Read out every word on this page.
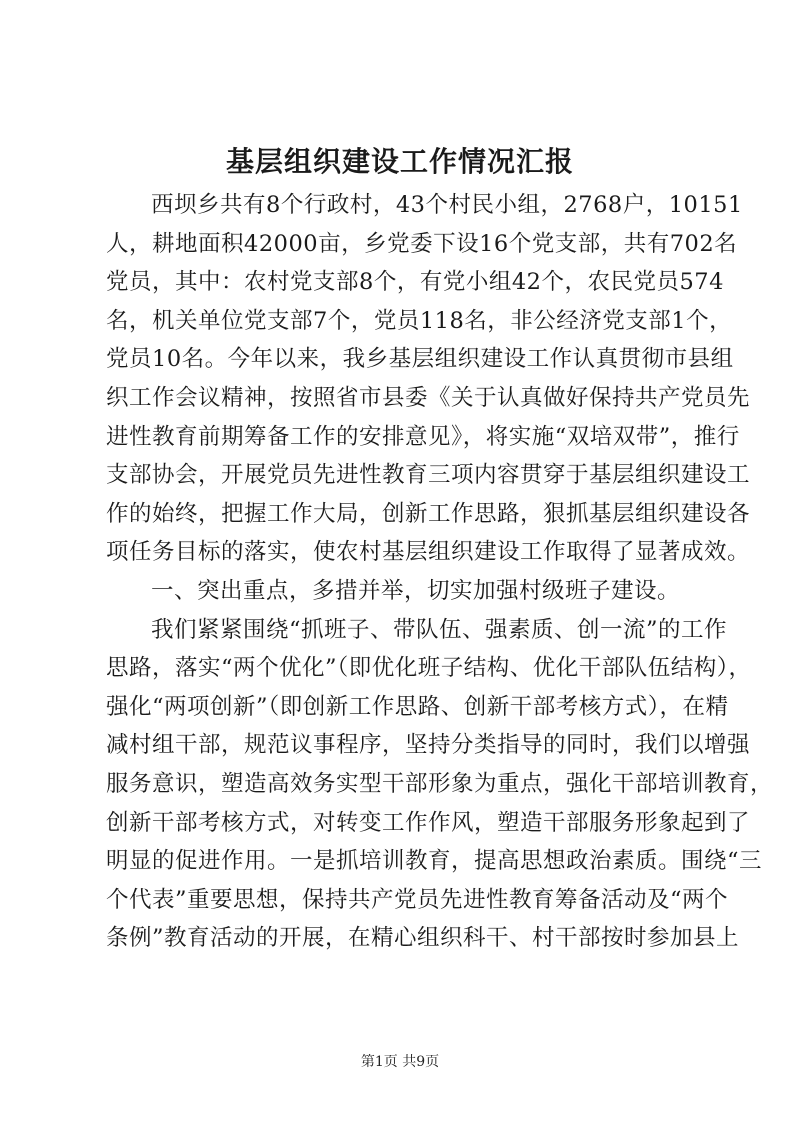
基层组织建设工作情况汇报
西坝乡共有8个行政村，43个村民小组，2768户，10151
人，耕地面积42000亩，乡党委下设16个党支部，共有702名
党员，其中：农村党支部8个，有党小组42个，农民党员574
名，机关单位党支部7个，党员118名，非公经济党支部1个，
党员10名。今年以来，我乡基层组织建设工作认真贯彻市县组
织工作会议精神，按照省市县委《关于认真做好保持共产党员先
进性教育前期筹备工作的安排意见》，将实施“双培双带”，推行
支部协会，开展党员先进性教育三项内容贯穿于基层组织建设工
作的始终，把握工作大局，创新工作思路，狠抓基层组织建设各
项任务目标的落实，使农村基层组织建设工作取得了显著成效。
一、突出重点，多措并举，切实加强村级班子建设。
我们紧紧围绕“抓班子、带队伍、强素质、创一流”的工作
思路，落实“两个优化”（即优化班子结构、优化干部队伍结构），
强化“两项创新”（即创新工作思路、创新干部考核方式），在精
减村组干部，规范议事程序，坚持分类指导的同时，我们以增强
服务意识，塑造高效务实型干部形象为重点，强化干部培训教育，
创新干部考核方式，对转变工作作风，塑造干部服务形象起到了
明显的促进作用。一是抓培训教育，提高思想政治素质。围绕“三
个代表”重要思想，保持共产党员先进性教育筹备活动及“两个
条例”教育活动的开展，在精心组织科干、村干部按时参加县上
第1页 共9页
